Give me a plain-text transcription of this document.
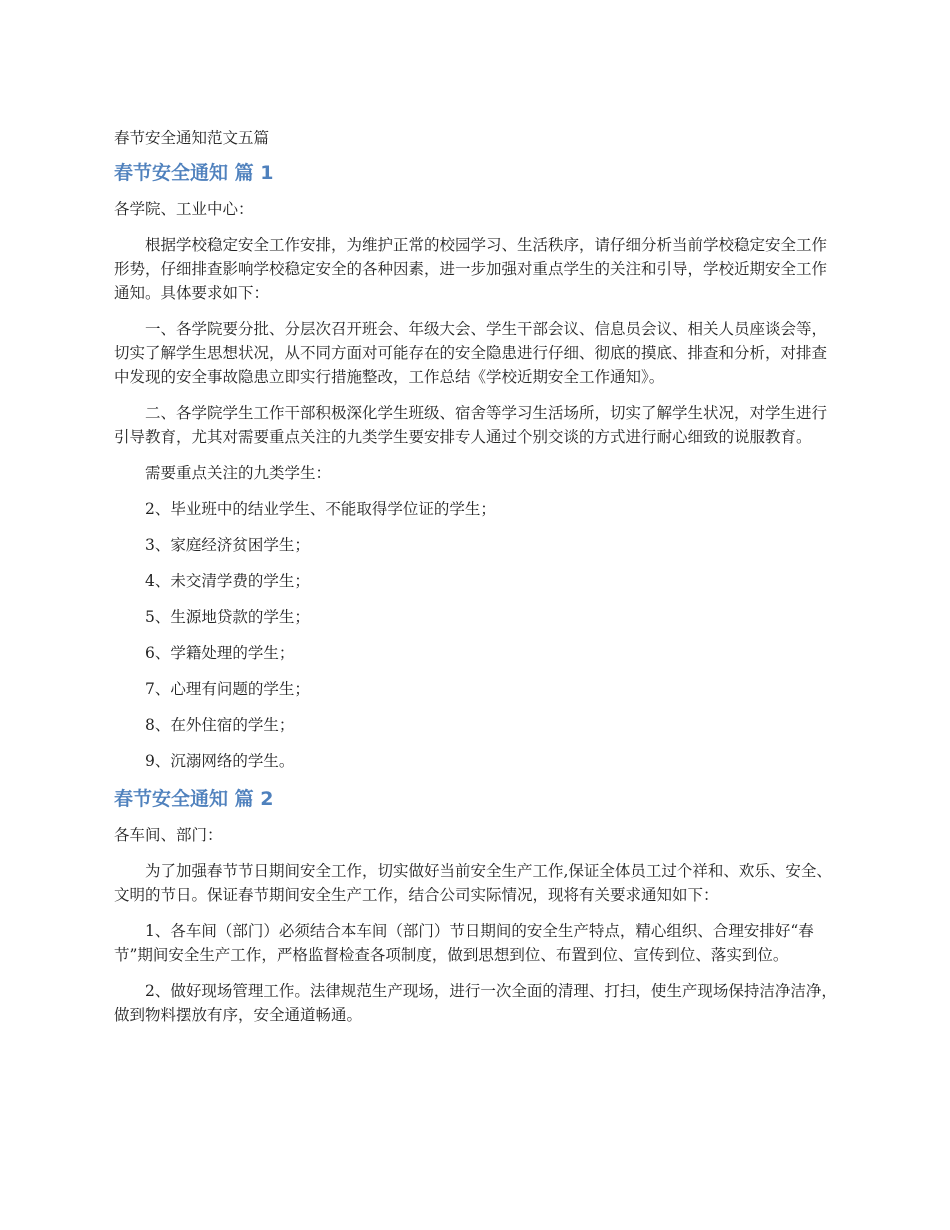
春节安全通知范文五篇
春节安全通知 篇 1

各学院、工业中心：

根据学校稳定安全工作安排，为维护正常的校园学习、生活秩序，请仔细分析当前学校稳定安全工作形势，仔细排查影响学校稳定安全的各种因素，进一步加强对重点学生的关注和引导，学校近期安全工作通知。具体要求如下：

一、各学院要分批、分层次召开班会、年级大会、学生干部会议、信息员会议、相关人员座谈会等，切实了解学生思想状况，从不同方面对可能存在的安全隐患进行仔细、彻底的摸底、排查和分析，对排查中发现的安全事故隐患立即实行措施整改，工作总结《学校近期安全工作通知》。

二、各学院学生工作干部积极深化学生班级、宿舍等学习生活场所，切实了解学生状况，对学生进行引导教育，尤其对需要重点关注的九类学生要安排专人通过个别交谈的方式进行耐心细致的说服教育。

需要重点关注的九类学生：

2、毕业班中的结业学生、不能取得学位证的学生；

3、家庭经济贫困学生；

4、未交清学费的学生；

5、生源地贷款的学生；

6、学籍处理的学生；

7、心理有问题的学生；

8、在外住宿的学生；

9、沉溺网络的学生。

春节安全通知 篇 2

各车间、部门：

为了加强春节节日期间安全工作，切实做好当前安全生产工作,保证全体员工过个祥和、欢乐、安全、文明的节日。保证春节期间安全生产工作，结合公司实际情况，现将有关要求通知如下：

1、各车间（部门）必须结合本车间（部门）节日期间的安全生产特点，精心组织、合理安排好“春节”期间安全生产工作，严格监督检查各项制度，做到思想到位、布置到位、宣传到位、落实到位。

2、做好现场管理工作。法律规范生产现场，进行一次全面的清理、打扫，使生产现场保持洁净洁净，做到物料摆放有序，安全通道畅通。
